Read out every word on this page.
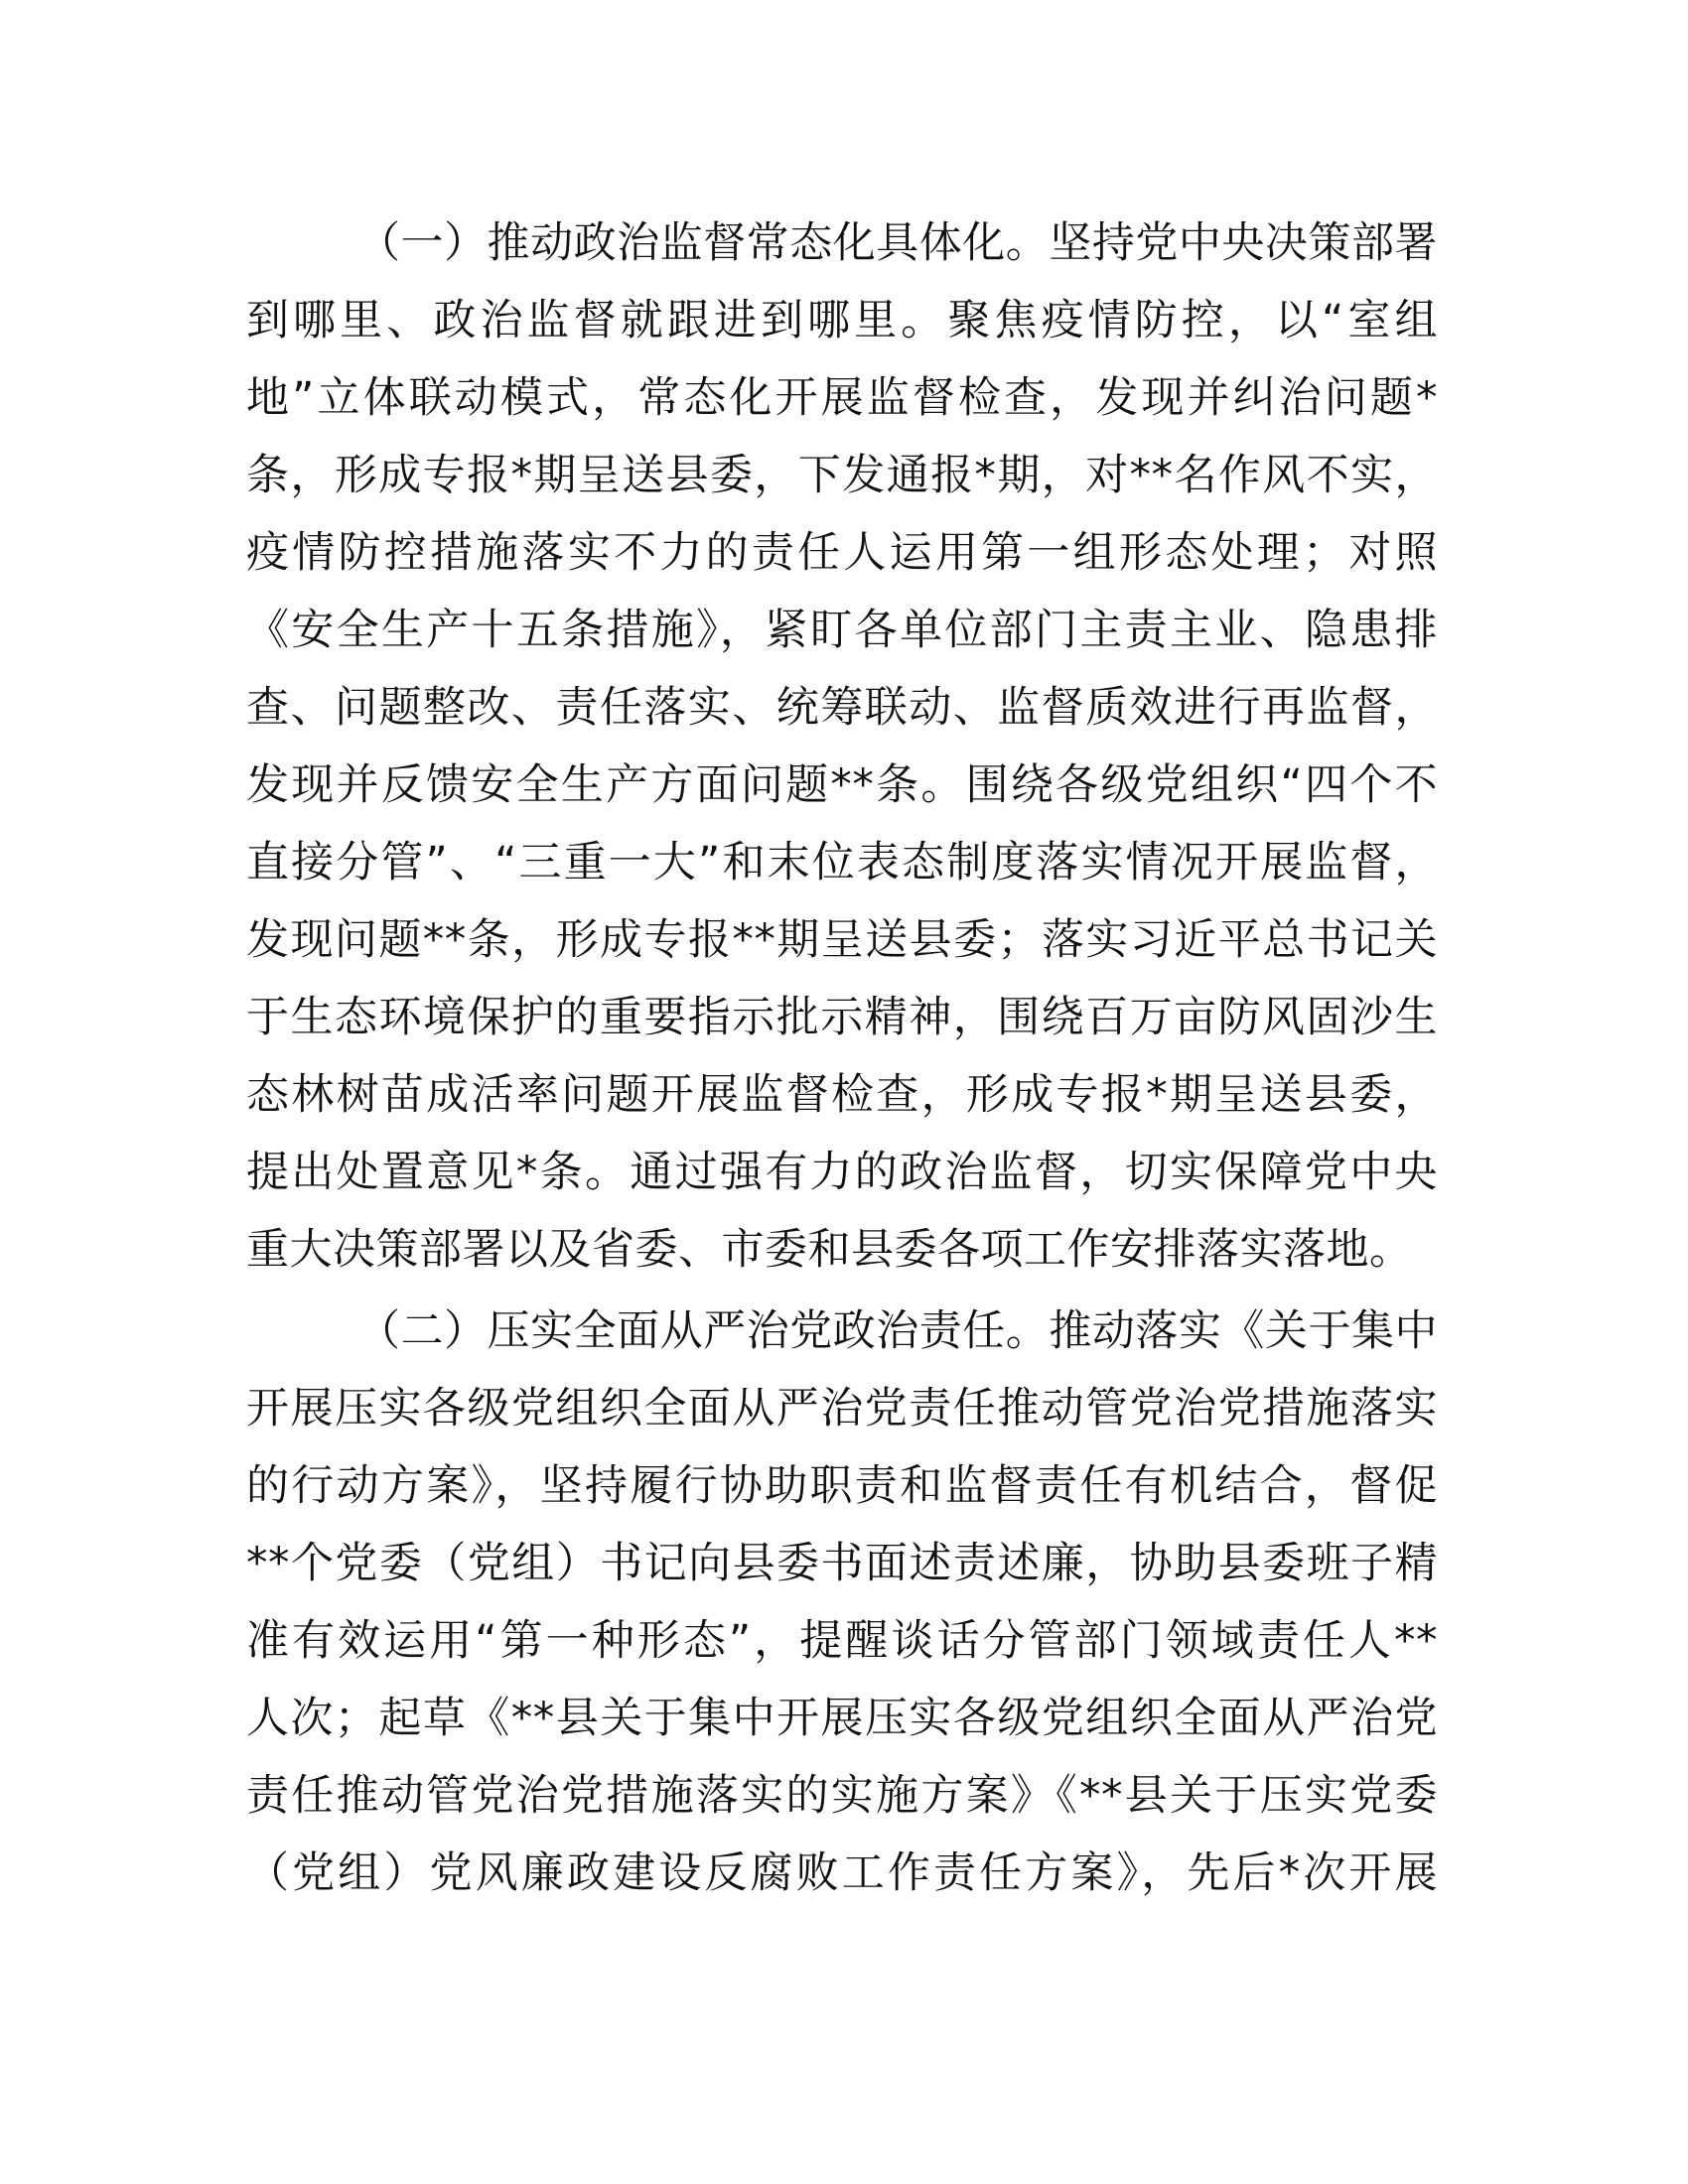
（一）推动政治监督常态化具体化。坚持党中央决策部署
到哪里、政治监督就跟进到哪里。聚焦疫情防控，以“室组
地”立体联动模式，常态化开展监督检查，发现并纠治问题*
条，形成专报*期呈送县委，下发通报*期，对**名作风不实，
疫情防控措施落实不力的责任人运用第一组形态处理；对照
《安全生产十五条措施》，紧盯各单位部门主责主业、隐患排
查、问题整改、责任落实、统筹联动、监督质效进行再监督，
发现并反馈安全生产方面问题**条。围绕各级党组织“四个不
直接分管”、“三重一大”和末位表态制度落实情况开展监督，
发现问题**条，形成专报**期呈送县委；落实习近平总书记关
于生态环境保护的重要指示批示精神，围绕百万亩防风固沙生
态林树苗成活率问题开展监督检查，形成专报*期呈送县委，
提出处置意见*条。通过强有力的政治监督，切实保障党中央
重大决策部署以及省委、市委和县委各项工作安排落实落地。
（二）压实全面从严治党政治责任。推动落实《关于集中
开展压实各级党组织全面从严治党责任推动管党治党措施落实
的行动方案》，坚持履行协助职责和监督责任有机结合，督促
**个党委（党组）书记向县委书面述责述廉，协助县委班子精
准有效运用“第一种形态”，提醒谈话分管部门领域责任人**
人次；起草《**县关于集中开展压实各级党组织全面从严治党
责任推动管党治党措施落实的实施方案》《**县关于压实党委
（党组）党风廉政建设反腐败工作责任方案》，先后*次开展
